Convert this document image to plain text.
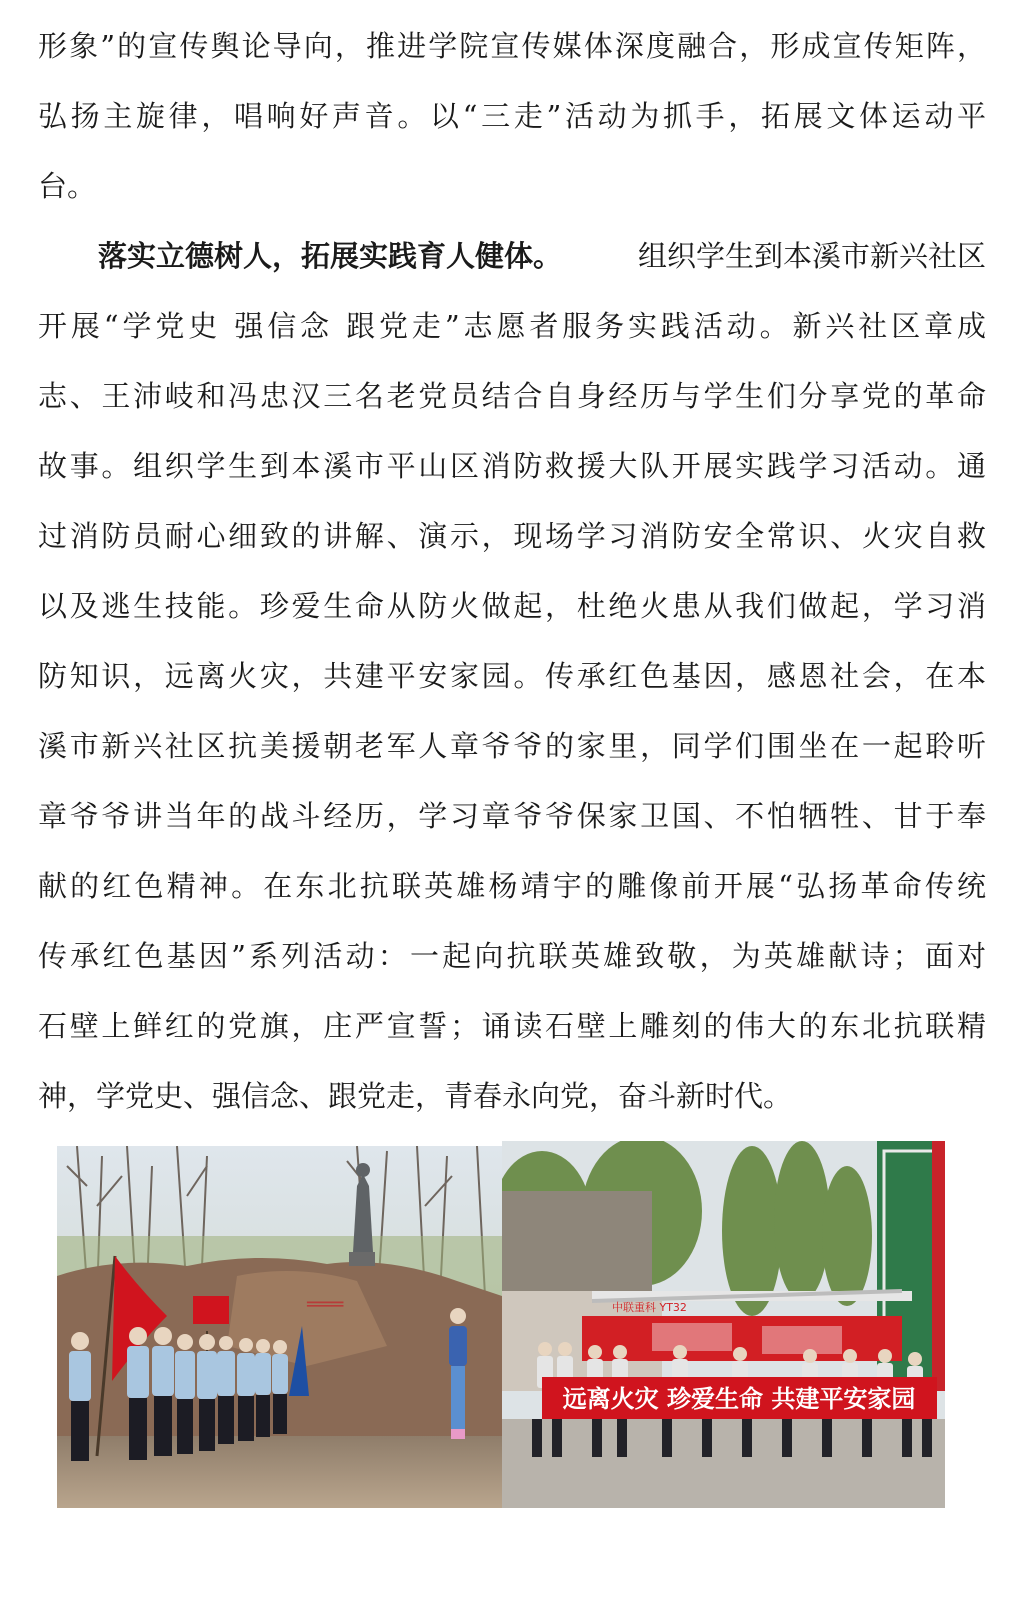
形象”的宣传舆论导向，推进学院宣传媒体深度融合，形成宣传矩阵，
弘扬主旋律，唱响好声音。以“三走”活动为抓手，拓展文体运动平
台。
落实立德树人，拓展实践育人健体。	组织学生到本溪市新兴社区
开展“学党史 强信念 跟党走”志愿者服务实践活动。新兴社区章成
志、王沛岐和冯忠汉三名老党员结合自身经历与学生们分享党的革命
故事。组织学生到本溪市平山区消防救援大队开展实践学习活动。通
过消防员耐心细致的讲解、演示，现场学习消防安全常识、火灾自救
以及逃生技能。珍爱生命从防火做起，杜绝火患从我们做起，学习消
防知识，远离火灾，共建平安家园。传承红色基因，感恩社会，在本
溪市新兴社区抗美援朝老军人章爷爷的家里，同学们围坐在一起聆听
章爷爷讲当年的战斗经历，学习章爷爷保家卫国、不怕牺牲、甘于奉
献的红色精神。在东北抗联英雄杨靖宇的雕像前开展“弘扬革命传统
传承红色基因”系列活动：一起向抗联英雄致敬，为英雄献诗；面对
石壁上鲜红的党旗，庄严宣誓；诵读石壁上雕刻的伟大的东北抗联精
神，学党史、强信念、跟党走，青春永向党，奋斗新时代。
═══	中联重科 YT32
远离火灾 珍爱生命 共建平安家园
